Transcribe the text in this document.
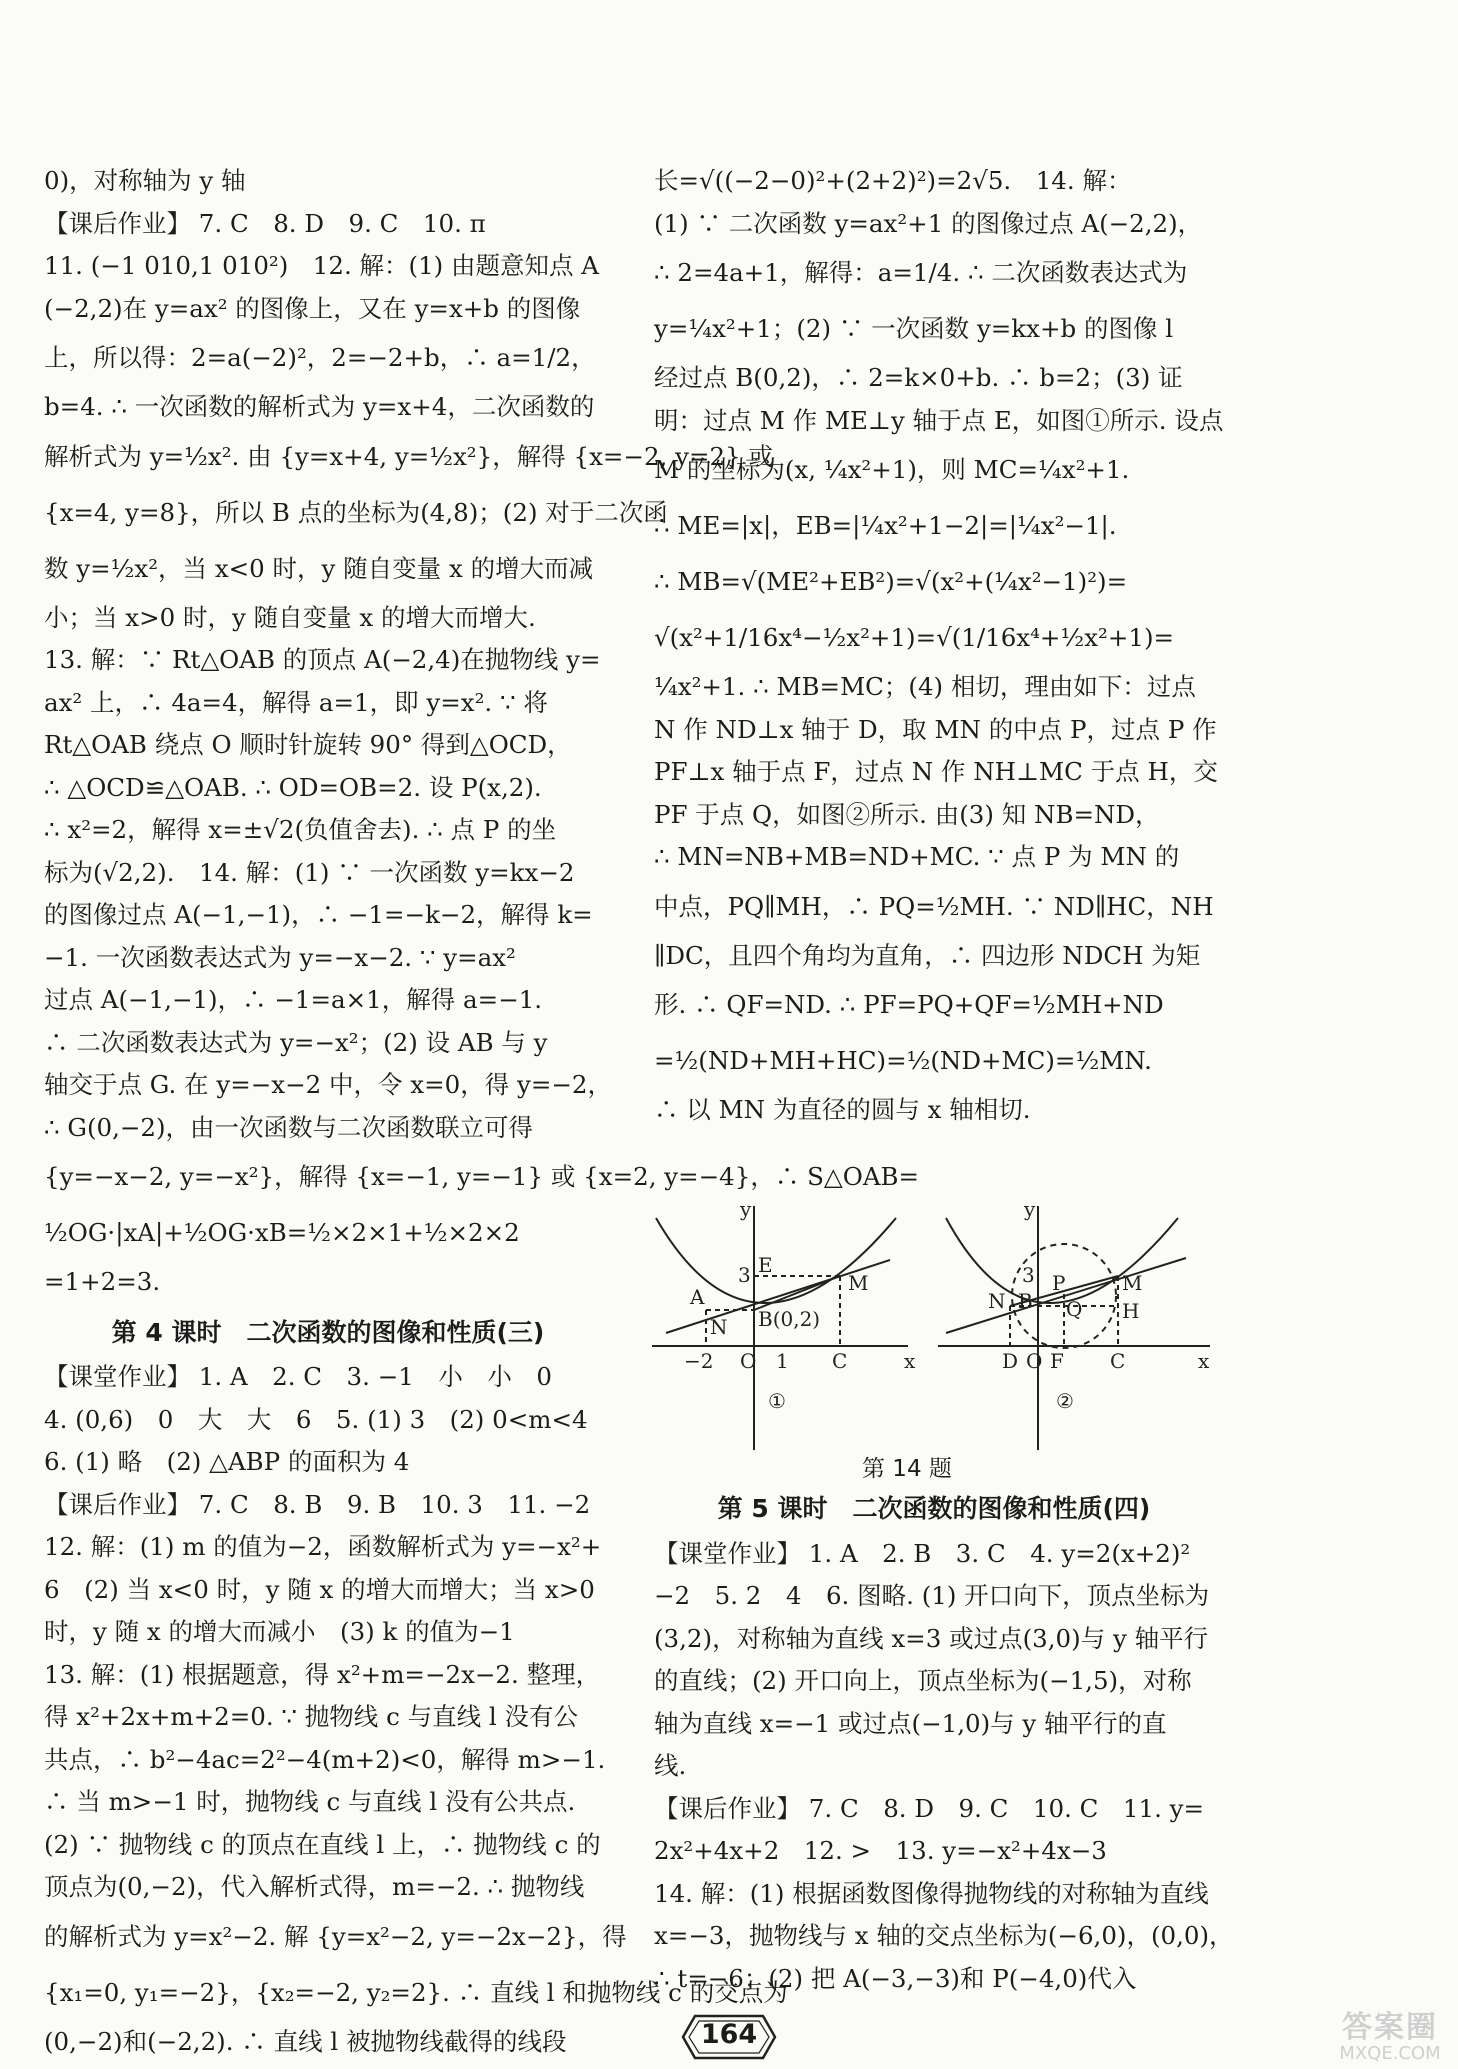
0)，对称轴为 y 轴

【课后作业】 7. C　8. D　9. C　10. π

11. (−1 010,1 010²)　12. 解：(1) 由题意知点 A

(−2,2)在 y=ax² 的图像上，又在 y=x+b 的图像

上，所以得：2=a(−2)²，2=−2+b，∴ a=1/2，

b=4. ∴ 一次函数的解析式为 y=x+4，二次函数的

解析式为 y=½x². 由 {y=x+4, y=½x²}，解得 {x=−2, y=2} 或

{x=4, y=8}，所以 B 点的坐标为(4,8)；(2) 对于二次函

数 y=½x²，当 x<0 时，y 随自变量 x 的增大而减

小；当 x>0 时，y 随自变量 x 的增大而增大.

13. 解：∵ Rt△OAB 的顶点 A(−2,4)在抛物线 y=

ax² 上，∴ 4a=4，解得 a=1，即 y=x². ∵ 将

Rt△OAB 绕点 O 顺时针旋转 90° 得到△OCD，

∴ △OCD≌△OAB. ∴ OD=OB=2. 设 P(x,2).

∴ x²=2，解得 x=±√2(负值舍去). ∴ 点 P 的坐

标为(√2,2).　14. 解：(1) ∵ 一次函数 y=kx−2

的图像过点 A(−1,−1)，∴ −1=−k−2，解得 k=

−1. 一次函数表达式为 y=−x−2. ∵ y=ax²

过点 A(−1,−1)，∴ −1=a×1，解得 a=−1.

∴ 二次函数表达式为 y=−x²；(2) 设 AB 与 y

轴交于点 G. 在 y=−x−2 中，令 x=0，得 y=−2，

∴ G(0,−2)，由一次函数与二次函数联立可得

{y=−x−2, y=−x²}，解得 {x=−1, y=−1} 或 {x=2, y=−4}，∴ S△OAB=

½OG·|xA|+½OG·xB=½×2×1+½×2×2

=1+2=3.

第 4 课时　二次函数的图像和性质(三)

【课堂作业】 1. A　2. C　3. −1　小　小　0

4. (0,6)　0　大　大　6　5. (1) 3　(2) 0<m<4

6. (1) 略　(2) △ABP 的面积为 4

【课后作业】 7. C　8. B　9. B　10. 3　11. −2

12. 解：(1) m 的值为−2，函数解析式为 y=−x²+

6　(2) 当 x<0 时，y 随 x 的增大而增大；当 x>0

时，y 随 x 的增大而减小　(3) k 的值为−1

13. 解：(1) 根据题意，得 x²+m=−2x−2. 整理，

得 x²+2x+m+2=0. ∵ 抛物线 c 与直线 l 没有公

共点，∴ b²−4ac=2²−4(m+2)<0，解得 m>−1.

∴ 当 m>−1 时，抛物线 c 与直线 l 没有公共点.

(2) ∵ 抛物线 c 的顶点在直线 l 上，∴ 抛物线 c 的

顶点为(0,−2)，代入解析式得，m=−2. ∴ 抛物线

的解析式为 y=x²−2. 解 {y=x²−2, y=−2x−2}，得

{x₁=0, y₁=−2}，{x₂=−2, y₂=2}. ∴ 直线 l 和抛物线 c 的交点为

(0,−2)和(−2,2). ∴ 直线 l 被抛物线截得的线段

长=√((−2−0)²+(2+2)²)=2√5.　14. 解：

(1) ∵ 二次函数 y=ax²+1 的图像过点 A(−2,2)，

∴ 2=4a+1，解得：a=1/4. ∴ 二次函数表达式为

y=¼x²+1；(2) ∵ 一次函数 y=kx+b 的图像 l

经过点 B(0,2)，∴ 2=k×0+b. ∴ b=2；(3) 证

明：过点 M 作 ME⊥y 轴于点 E，如图①所示. 设点

M 的坐标为(x, ¼x²+1)，则 MC=¼x²+1.

∴ ME=|x|，EB=|¼x²+1−2|=|¼x²−1|.

∴ MB=√(ME²+EB²)=√(x²+(¼x²−1)²)=

√(x²+1/16x⁴−½x²+1)=√(1/16x⁴+½x²+1)=

¼x²+1. ∴ MB=MC；(4) 相切，理由如下：过点

N 作 ND⊥x 轴于 D，取 MN 的中点 P，过点 P 作

PF⊥x 轴于点 F，过点 N 作 NH⊥MC 于点 H，交

PF 于点 Q，如图②所示. 由(3) 知 NB=ND，

∴ MN=NB+MB=ND+MC. ∵ 点 P 为 MN 的

中点，PQ∥MH，∴ PQ=½MH. ∵ ND∥HC，NH

∥DC，且四个角均为直角，∴ 四边形 NDCH 为矩

形. ∴ QF=ND. ∴ PF=PQ+QF=½MH+ND

=½(ND+MH+HC)=½(ND+MC)=½MN.

∴ 以 MN 为直径的圆与 x 轴相切.

y
x
O
E
3	M
A
N B(0,2)
−2	1 C
①
y
x
O
3 P
N B Q
M
H
D F C
②
第 14 题

第 5 课时　二次函数的图像和性质(四)

【课堂作业】 1. A　2. B　3. C　4. y=2(x+2)²

−2　5. 2　4　6. 图略. (1) 开口向下，顶点坐标为

(3,2)，对称轴为直线 x=3 或过点(3,0)与 y 轴平行

的直线；(2) 开口向上，顶点坐标为(−1,5)，对称

轴为直线 x=−1 或过点(−1,0)与 y 轴平行的直

线.

【课后作业】 7. C　8. D　9. C　10. C　11. y=

2x²+4x+2　12. >　13. y=−x²+4x−3

14. 解：(1) 根据函数图像得抛物线的对称轴为直线

x=−3，抛物线与 x 轴的交点坐标为(−6,0)，(0,0)，

∴ t=−6；(2) 把 A(−3,−3)和 P(−4,0)代入

164	答案圈
MXQE.COM
